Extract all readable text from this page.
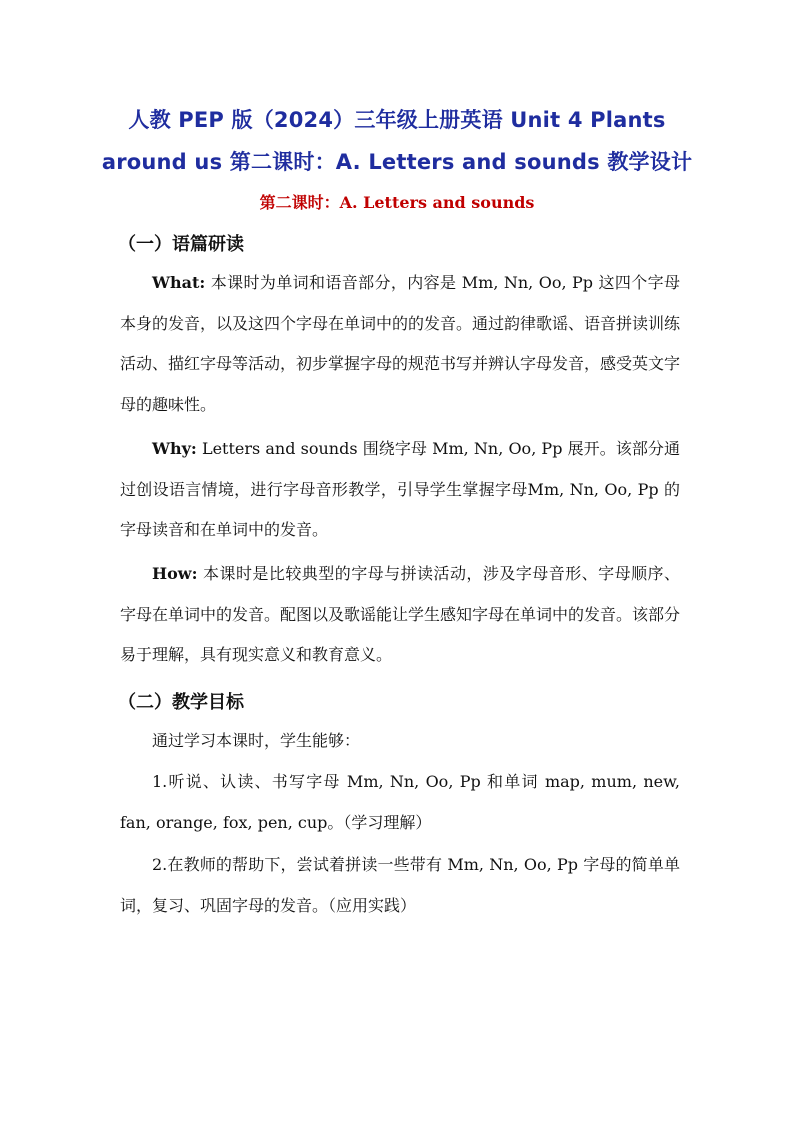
人教 PEP 版（2024）三年级上册英语 Unit 4 Plants
around us 第二课时：A. Letters and sounds 教学设计
第二课时：A. Letters and sounds
（一）语篇研读
What: 本课时为单词和语音部分，内容是 Mm, Nn, Oo, Pp 这四个字母本身的发音，以及这四个字母在单词中的的发音。通过韵律歌谣、语音拼读训练活动、描红字母等活动，初步掌握字母的规范书写并辨认字母发音，感受英文字母的趣味性。
Why: Letters and sounds 围绕字母 Mm, Nn, Oo, Pp 展开。该部分通过创设语言情境，进行字母音形教学，引导学生掌握字母Mm, Nn, Oo, Pp 的字母读音和在单词中的发音。
How: 本课时是比较典型的字母与拼读活动，涉及字母音形、字母顺序、字母在单词中的发音。配图以及歌谣能让学生感知字母在单词中的发音。该部分易于理解，具有现实意义和教育意义。
（二）教学目标
通过学习本课时，学生能够：
1.听说、认读、书写字母 Mm, Nn, Oo, Pp 和单词 map, mum, new, fan, orange, fox, pen, cup。（学习理解）
2.在教师的帮助下，尝试着拼读一些带有 Mm, Nn, Oo, Pp 字母的简单单词，复习、巩固字母的发音。（应用实践）
